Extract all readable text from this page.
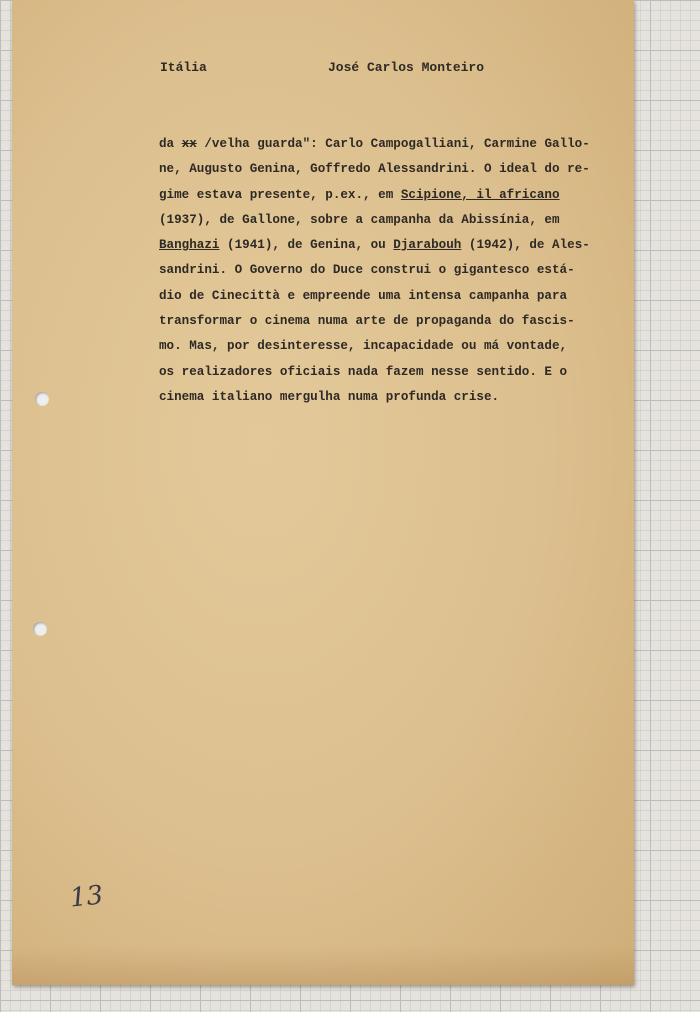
Itália	José Carlos Monteiro
da xx /velha guarda": Carlo Campogalliani, Carmine Gallo-
ne, Augusto Genina, Goffredo Alessandrini. O ideal do re-
gime estava presente, p.ex., em Scipione, il africano
(1937), de Gallone, sobre a campanha da Abissínia, em
Banghazi (1941), de Genina, ou Djarabouh (1942), de Ales-
sandrini. O Governo do Duce construi o gigantesco está-
dio de Cinecittà e empreende uma intensa campanha para
transformar o cinema numa arte de propaganda do fascis-
mo. Mas, por desinteresse, incapacidade ou má vontade,
os realizadores oficiais nada fazem nesse sentido. E o
cinema italiano mergulha numa profunda crise.
13
